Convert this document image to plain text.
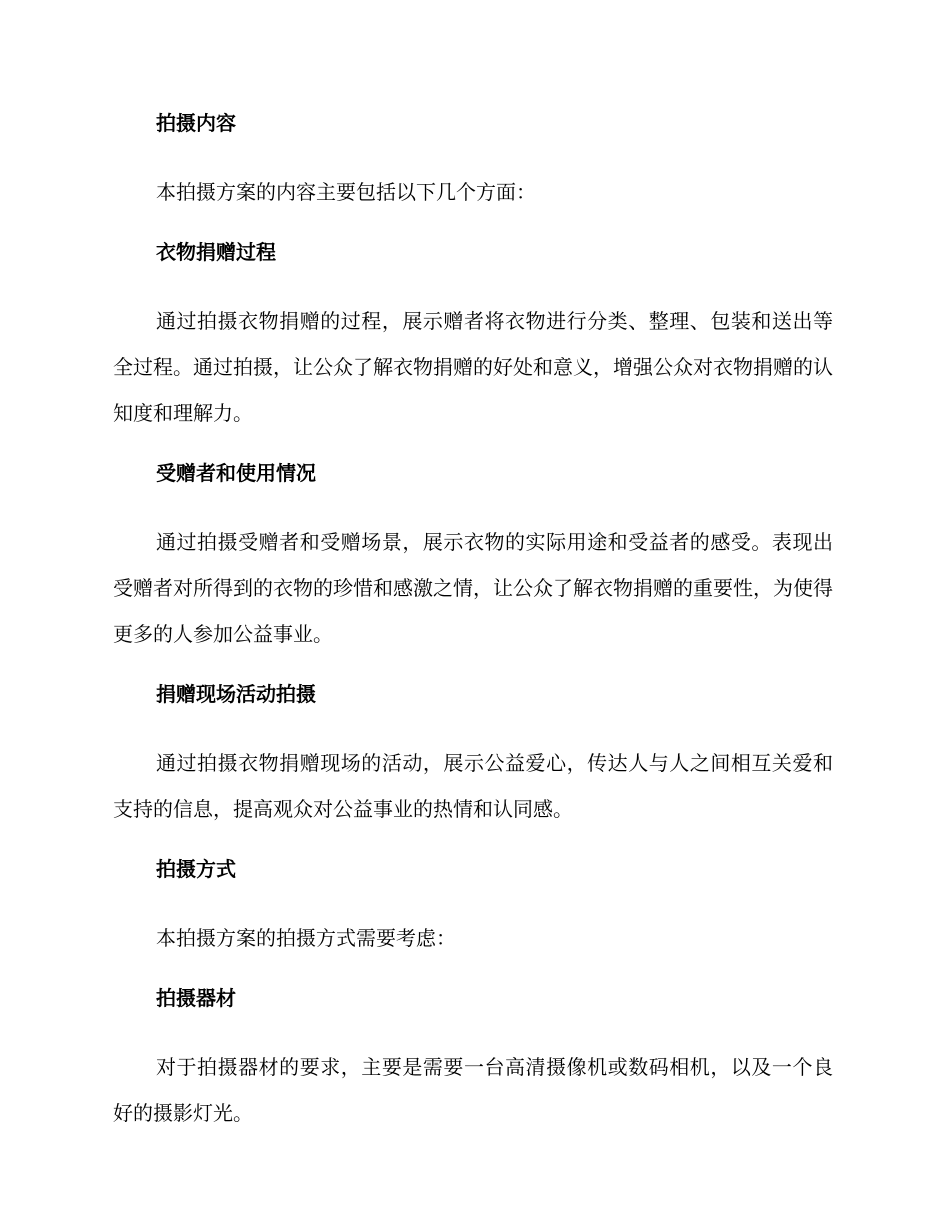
拍摄内容

本拍摄方案的内容主要包括以下几个方面：

衣物捐赠过程

通过拍摄衣物捐赠的过程，展示赠者将衣物进行分类、整理、包装和送出等全过程。通过拍摄，让公众了解衣物捐赠的好处和意义，增强公众对衣物捐赠的认知度和理解力。

受赠者和使用情况

通过拍摄受赠者和受赠场景，展示衣物的实际用途和受益者的感受。表现出受赠者对所得到的衣物的珍惜和感激之情，让公众了解衣物捐赠的重要性，为使得更多的人参加公益事业。

捐赠现场活动拍摄

通过拍摄衣物捐赠现场的活动，展示公益爱心，传达人与人之间相互关爱和支持的信息，提高观众对公益事业的热情和认同感。

拍摄方式

本拍摄方案的拍摄方式需要考虑：

拍摄器材

对于拍摄器材的要求，主要是需要一台高清摄像机或数码相机，以及一个良好的摄影灯光。
